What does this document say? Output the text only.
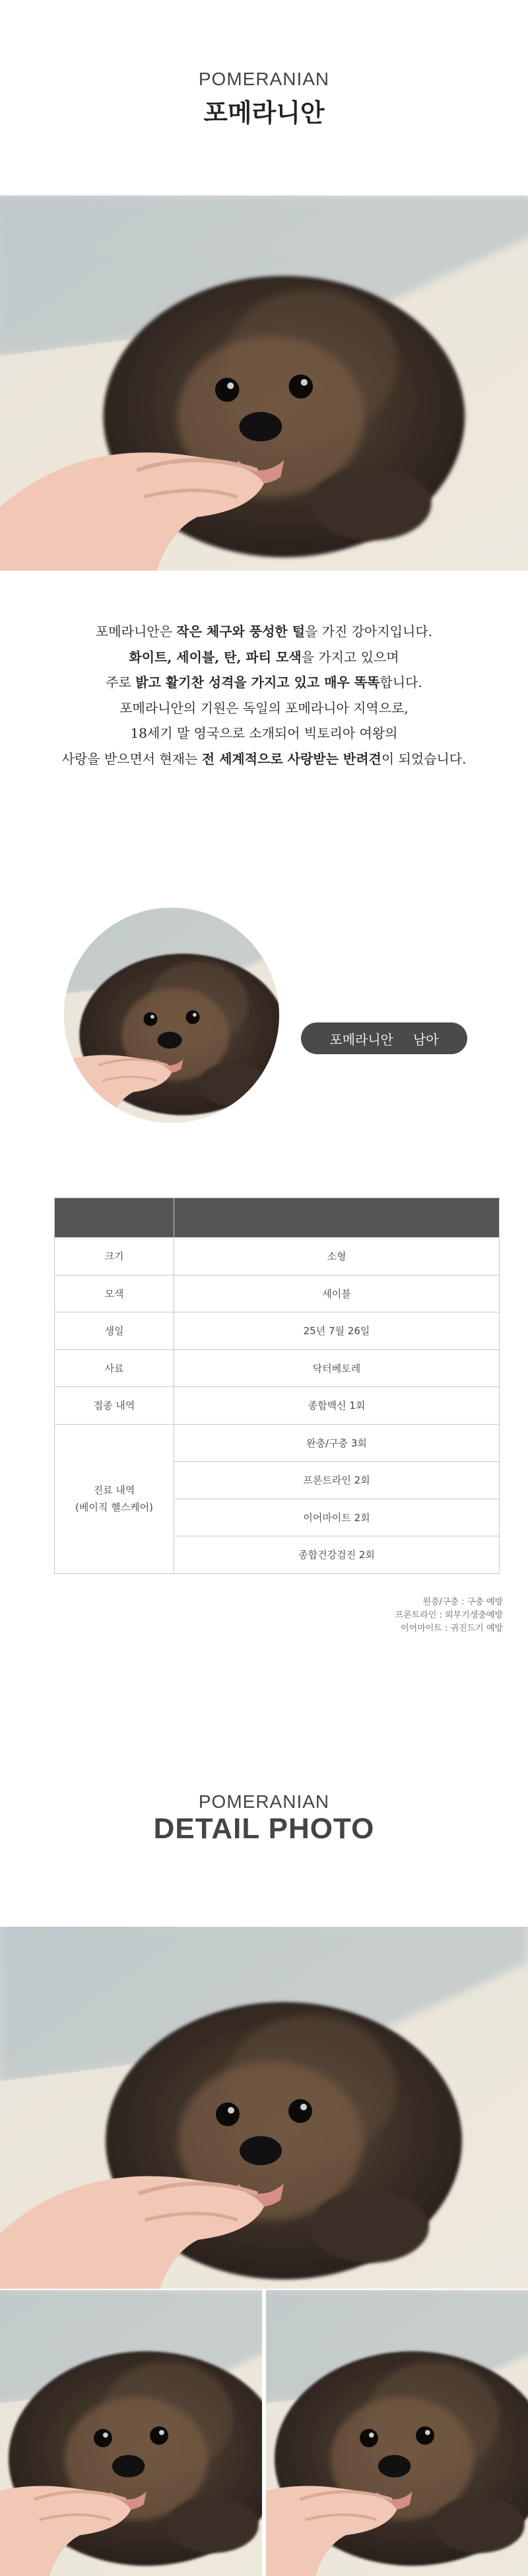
POMERANIAN
포메라니안
포메라니안은 작은 체구와 풍성한 털을 가진 강아지입니다.
화이트, 세이블, 탄, 파티 모색을 가지고 있으며
주로 밝고 활기찬 성격을 가지고 있고 매우 똑똑합니다.
포메라니안의 기원은 독일의 포메라니아 지역으로,
18세기 말 영국으로 소개되어 빅토리아 여왕의
사랑을 받으면서 현재는 전 세계적으로 사랑받는 반려견이 되었습니다.
포메라니안 남아

크기	소형
모색	세이블
생일	25년 7월 26일
사료	닥터베토레
접종 내역	종합백신 1회

진료 내역
(베이직 헬스케어)	완충/구충 3회
	프론트라인 2회
	이어마이트 2회
	종합건강검진 2회
원충/구충 : 구충 예방
프론트라인 : 외부기생충예방
이어마이트 : 귀진드기 예방
POMERANIAN
DETAIL PHOTO
